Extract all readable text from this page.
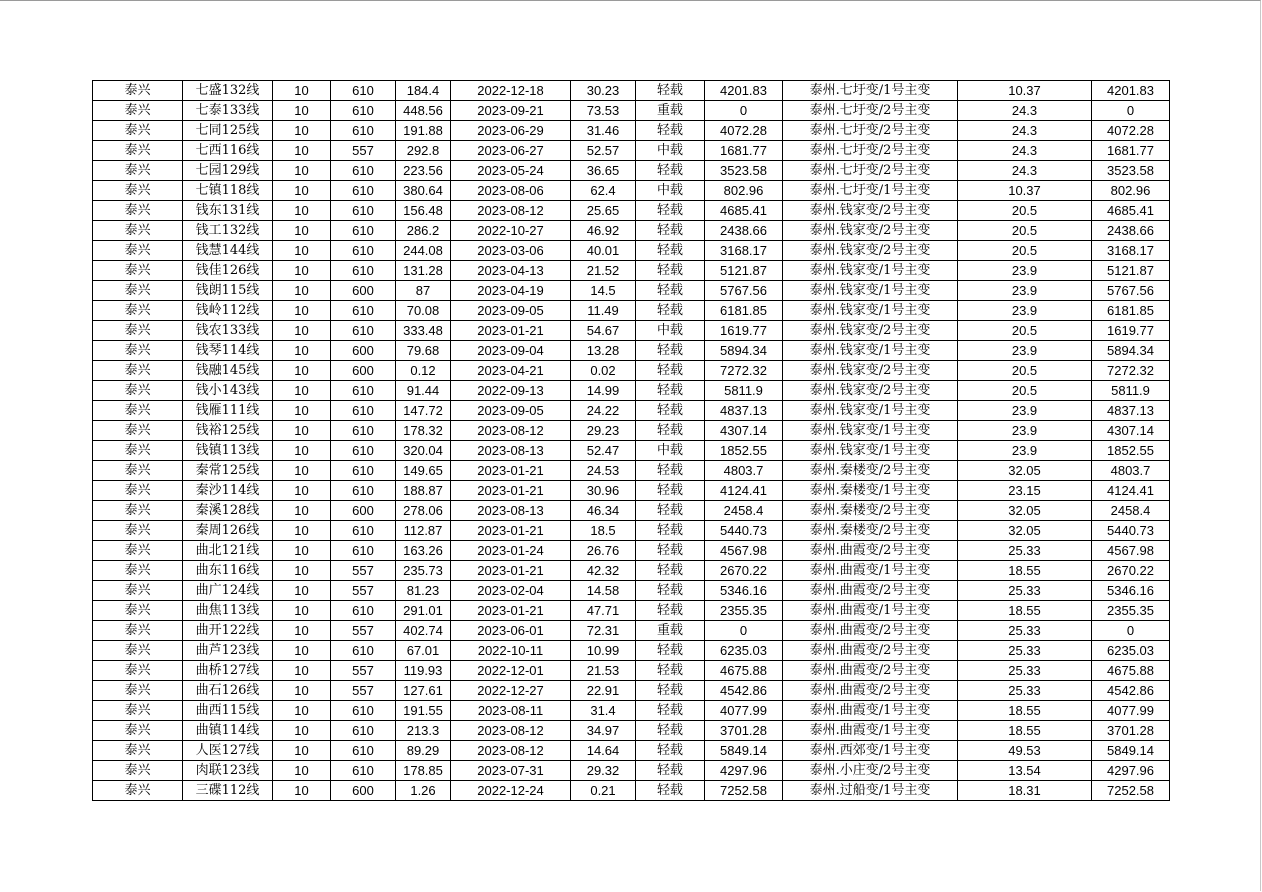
泰兴	七盛132线	10	610	184.4	2022-12-18	30.23	轻载	4201.83	泰州.七圩变/1号主变	10.37	4201.83
泰兴	七泰133线	10	610	448.56	2023-09-21	73.53	重载	0	泰州.七圩变/2号主变	24.3	0
泰兴	七同125线	10	610	191.88	2023-06-29	31.46	轻载	4072.28	泰州.七圩变/2号主变	24.3	4072.28
泰兴	七西116线	10	557	292.8	2023-06-27	52.57	中载	1681.77	泰州.七圩变/2号主变	24.3	1681.77
泰兴	七园129线	10	610	223.56	2023-05-24	36.65	轻载	3523.58	泰州.七圩变/2号主变	24.3	3523.58
泰兴	七镇118线	10	610	380.64	2023-08-06	62.4	中载	802.96	泰州.七圩变/1号主变	10.37	802.96
泰兴	钱东131线	10	610	156.48	2023-08-12	25.65	轻载	4685.41	泰州.钱家变/2号主变	20.5	4685.41
泰兴	钱工132线	10	610	286.2	2022-10-27	46.92	轻载	2438.66	泰州.钱家变/2号主变	20.5	2438.66
泰兴	钱慧144线	10	610	244.08	2023-03-06	40.01	轻载	3168.17	泰州.钱家变/2号主变	20.5	3168.17
泰兴	钱佳126线	10	610	131.28	2023-04-13	21.52	轻载	5121.87	泰州.钱家变/1号主变	23.9	5121.87
泰兴	钱朗115线	10	600	87	2023-04-19	14.5	轻载	5767.56	泰州.钱家变/1号主变	23.9	5767.56
泰兴	钱岭112线	10	610	70.08	2023-09-05	11.49	轻载	6181.85	泰州.钱家变/1号主变	23.9	6181.85
泰兴	钱农133线	10	610	333.48	2023-01-21	54.67	中载	1619.77	泰州.钱家变/2号主变	20.5	1619.77
泰兴	钱琴114线	10	600	79.68	2023-09-04	13.28	轻载	5894.34	泰州.钱家变/1号主变	23.9	5894.34
泰兴	钱融145线	10	600	0.12	2023-04-21	0.02	轻载	7272.32	泰州.钱家变/2号主变	20.5	7272.32
泰兴	钱小143线	10	610	91.44	2022-09-13	14.99	轻载	5811.9	泰州.钱家变/2号主变	20.5	5811.9
泰兴	钱雁111线	10	610	147.72	2023-09-05	24.22	轻载	4837.13	泰州.钱家变/1号主变	23.9	4837.13
泰兴	钱裕125线	10	610	178.32	2023-08-12	29.23	轻载	4307.14	泰州.钱家变/1号主变	23.9	4307.14
泰兴	钱镇113线	10	610	320.04	2023-08-13	52.47	中载	1852.55	泰州.钱家变/1号主变	23.9	1852.55
泰兴	秦常125线	10	610	149.65	2023-01-21	24.53	轻载	4803.7	泰州.秦楼变/2号主变	32.05	4803.7
泰兴	秦沙114线	10	610	188.87	2023-01-21	30.96	轻载	4124.41	泰州.秦楼变/1号主变	23.15	4124.41
泰兴	秦溪128线	10	600	278.06	2023-08-13	46.34	轻载	2458.4	泰州.秦楼变/2号主变	32.05	2458.4
泰兴	秦周126线	10	610	112.87	2023-01-21	18.5	轻载	5440.73	泰州.秦楼变/2号主变	32.05	5440.73
泰兴	曲北121线	10	610	163.26	2023-01-24	26.76	轻载	4567.98	泰州.曲霞变/2号主变	25.33	4567.98
泰兴	曲东116线	10	557	235.73	2023-01-21	42.32	轻载	2670.22	泰州.曲霞变/1号主变	18.55	2670.22
泰兴	曲广124线	10	557	81.23	2023-02-04	14.58	轻载	5346.16	泰州.曲霞变/2号主变	25.33	5346.16
泰兴	曲焦113线	10	610	291.01	2023-01-21	47.71	轻载	2355.35	泰州.曲霞变/1号主变	18.55	2355.35
泰兴	曲开122线	10	557	402.74	2023-06-01	72.31	重载	0	泰州.曲霞变/2号主变	25.33	0
泰兴	曲芦123线	10	610	67.01	2022-10-11	10.99	轻载	6235.03	泰州.曲霞变/2号主变	25.33	6235.03
泰兴	曲桥127线	10	557	119.93	2022-12-01	21.53	轻载	4675.88	泰州.曲霞变/2号主变	25.33	4675.88
泰兴	曲石126线	10	557	127.61	2022-12-27	22.91	轻载	4542.86	泰州.曲霞变/2号主变	25.33	4542.86
泰兴	曲西115线	10	610	191.55	2023-08-11	31.4	轻载	4077.99	泰州.曲霞变/1号主变	18.55	4077.99
泰兴	曲镇114线	10	610	213.3	2023-08-12	34.97	轻载	3701.28	泰州.曲霞变/1号主变	18.55	3701.28
泰兴	人医127线	10	610	89.29	2023-08-12	14.64	轻载	5849.14	泰州.西郊变/1号主变	49.53	5849.14
泰兴	肉联123线	10	610	178.85	2023-07-31	29.32	轻载	4297.96	泰州.小庄变/2号主变	13.54	4297.96
泰兴	三碟112线	10	600	1.26	2022-12-24	0.21	轻载	7252.58	泰州.过船变/1号主变	18.31	7252.58
